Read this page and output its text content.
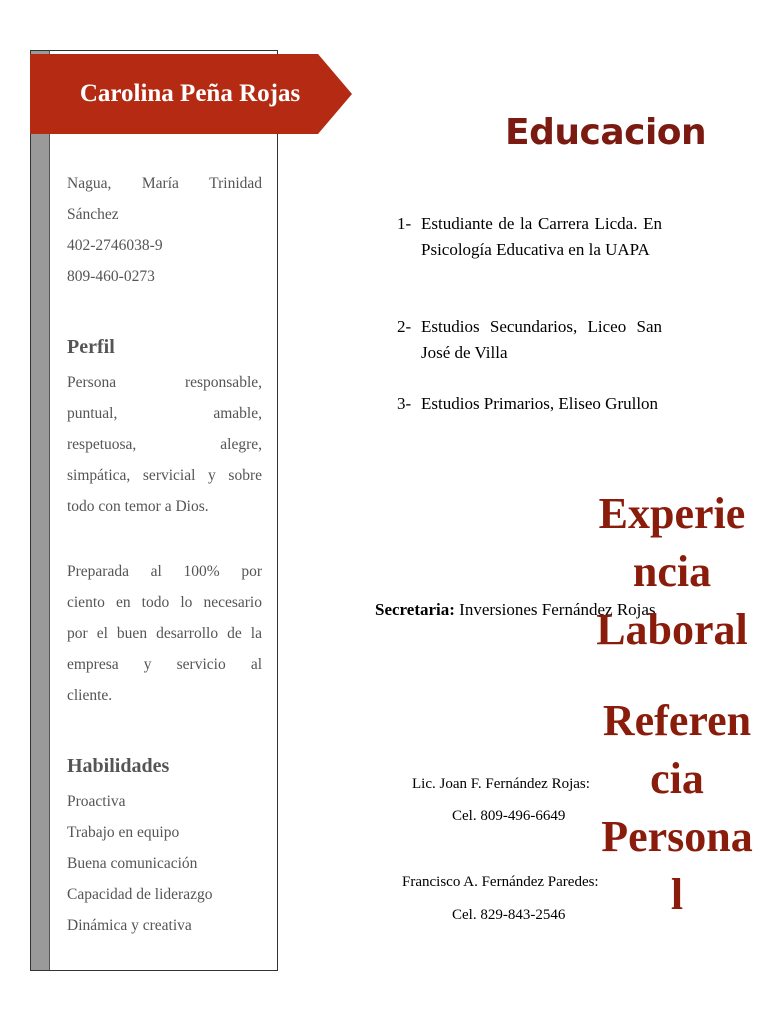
Carolina Peña Rojas
Nagua, María Trinidad
Sánchez
402-2746038-9
809-460-0273
Perfil
Persona	responsable,
puntual,	amable,
respetuosa,	alegre,
simpática, servicial y sobre
todo con temor a Dios.
Preparada al 100% por
ciento en todo lo necesario
por el buen desarrollo de la
empresa y servicio al
cliente.
Habilidades
Proactiva
Trabajo en equipo
Buena comunicación
Capacidad de liderazgo
Dinámica y creativa
Educacion
1- Estudiante de la Carrera Licda. En Psicología Educativa en la UAPA
2- Estudios Secundarios, Liceo San José de Villa
3- Estudios Primarios, Eliseo Grullon
Secretaria: Inversiones Fernández Rojas
Experie
ncia
Laboral
Lic. Joan F. Fernández Rojas:
Cel. 809-496-6649
Francisco A. Fernández Paredes:
Cel. 829-843-2546
Referen
cia
Persona
l
